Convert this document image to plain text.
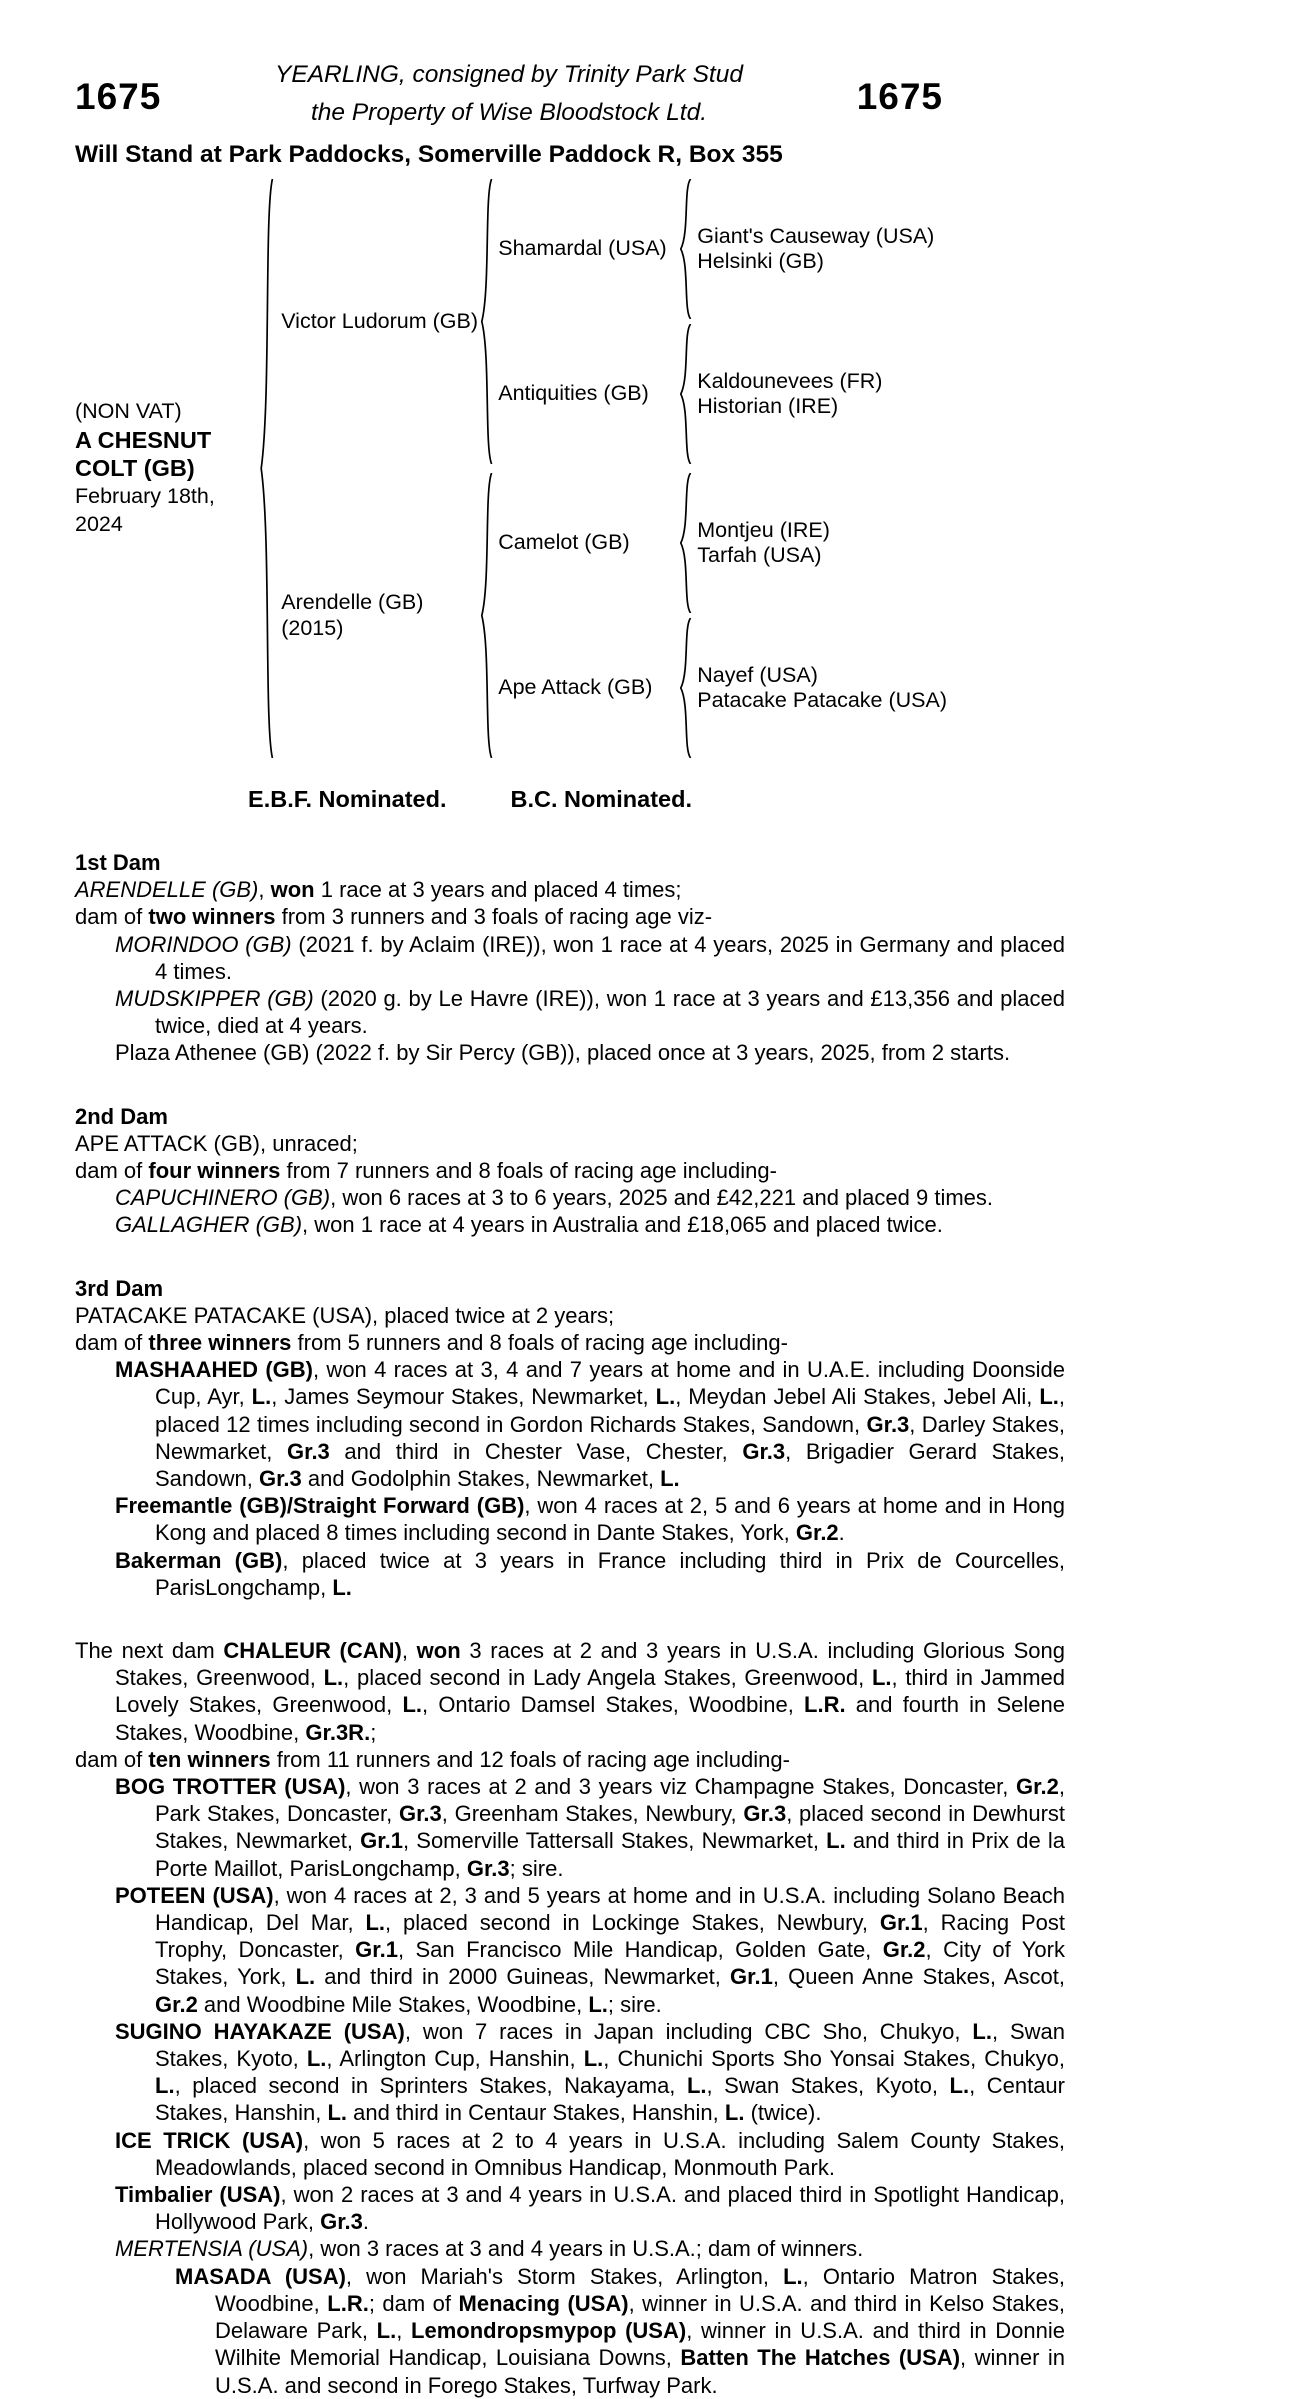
1675
YEARLING, consigned by Trinity Park Stud
the Property of Wise Bloodstock Ltd.	1675
Will Stand at Park Paddocks, Somerville Paddock R, Box 355
(NON VAT)
A CHESNUT COLT (GB)
February 18th, 2024
Victor Ludorum (GB)
Shamardal (USA)
Giant's Causeway (USA)
Helsinki (GB)
Antiquities (GB)
Kaldounevees (FR)
Historian (IRE)
Arendelle (GB)
(2015)
Camelot (GB)
Montjeu (IRE)
Tarfah (USA)
Ape Attack (GB)
Nayef (USA)
Patacake Patacake (USA)
E.B.F. Nominated.	B.C. Nominated.
1st Dam
ARENDELLE (GB), won 1 race at 3 years and placed 4 times;
dam of two winners from 3 runners and 3 foals of racing age viz-
MORINDOO (GB) (2021 f. by Aclaim (IRE)), won 1 race at 4 years, 2025 in Germany and placed 4 times.
MUDSKIPPER (GB) (2020 g. by Le Havre (IRE)), won 1 race at 3 years and £13,356 and placed twice, died at 4 years.
Plaza Athenee (GB) (2022 f. by Sir Percy (GB)), placed once at 3 years, 2025, from 2 starts.
2nd Dam
APE ATTACK (GB), unraced;
dam of four winners from 7 runners and 8 foals of racing age including-
CAPUCHINERO (GB), won 6 races at 3 to 6 years, 2025 and £42,221 and placed 9 times.
GALLAGHER (GB), won 1 race at 4 years in Australia and £18,065 and placed twice.
3rd Dam
PATACAKE PATACAKE (USA), placed twice at 2 years;
dam of three winners from 5 runners and 8 foals of racing age including-
MASHAAHED (GB), won 4 races at 3, 4 and 7 years at home and in U.A.E. including Doonside Cup, Ayr, L., James Seymour Stakes, Newmarket, L., Meydan Jebel Ali Stakes, Jebel Ali, L., placed 12 times including second in Gordon Richards Stakes, Sandown, Gr.3, Darley Stakes, Newmarket, Gr.3 and third in Chester Vase, Chester, Gr.3, Brigadier Gerard Stakes, Sandown, Gr.3 and Godolphin Stakes, Newmarket, L.
Freemantle (GB)/Straight Forward (GB), won 4 races at 2, 5 and 6 years at home and in Hong Kong and placed 8 times including second in Dante Stakes, York, Gr.2.
Bakerman (GB), placed twice at 3 years in France including third in Prix de Courcelles, ParisLongchamp, L.
The next dam CHALEUR (CAN), won 3 races at 2 and 3 years in U.S.A. including Glorious Song Stakes, Greenwood, L., placed second in Lady Angela Stakes, Greenwood, L., third in Jammed Lovely Stakes, Greenwood, L., Ontario Damsel Stakes, Woodbine, L.R. and fourth in Selene Stakes, Woodbine, Gr.3R.;
dam of ten winners from 11 runners and 12 foals of racing age including-
BOG TROTTER (USA), won 3 races at 2 and 3 years viz Champagne Stakes, Doncaster, Gr.2, Park Stakes, Doncaster, Gr.3, Greenham Stakes, Newbury, Gr.3, placed second in Dewhurst Stakes, Newmarket, Gr.1, Somerville Tattersall Stakes, Newmarket, L. and third in Prix de la Porte Maillot, ParisLongchamp, Gr.3; sire.
POTEEN (USA), won 4 races at 2, 3 and 5 years at home and in U.S.A. including Solano Beach Handicap, Del Mar, L., placed second in Lockinge Stakes, Newbury, Gr.1, Racing Post Trophy, Doncaster, Gr.1, San Francisco Mile Handicap, Golden Gate, Gr.2, City of York Stakes, York, L. and third in 2000 Guineas, Newmarket, Gr.1, Queen Anne Stakes, Ascot, Gr.2 and Woodbine Mile Stakes, Woodbine, L.; sire.
SUGINO HAYAKAZE (USA), won 7 races in Japan including CBC Sho, Chukyo, L., Swan Stakes, Kyoto, L., Arlington Cup, Hanshin, L., Chunichi Sports Sho Yonsai Stakes, Chukyo, L., placed second in Sprinters Stakes, Nakayama, L., Swan Stakes, Kyoto, L., Centaur Stakes, Hanshin, L. and third in Centaur Stakes, Hanshin, L. (twice).
ICE TRICK (USA), won 5 races at 2 to 4 years in U.S.A. including Salem County Stakes, Meadowlands, placed second in Omnibus Handicap, Monmouth Park.
Timbalier (USA), won 2 races at 3 and 4 years in U.S.A. and placed third in Spotlight Handicap, Hollywood Park, Gr.3.
MERTENSIA (USA), won 3 races at 3 and 4 years in U.S.A.; dam of winners.
MASADA (USA), won Mariah's Storm Stakes, Arlington, L., Ontario Matron Stakes, Woodbine, L.R.; dam of Menacing (USA), winner in U.S.A. and third in Kelso Stakes, Delaware Park, L., Lemondropsmypop (USA), winner in U.S.A. and third in Donnie Wilhite Memorial Handicap, Louisiana Downs, Batten The Hatches (USA), winner in U.S.A. and second in Forego Stakes, Turfway Park.
